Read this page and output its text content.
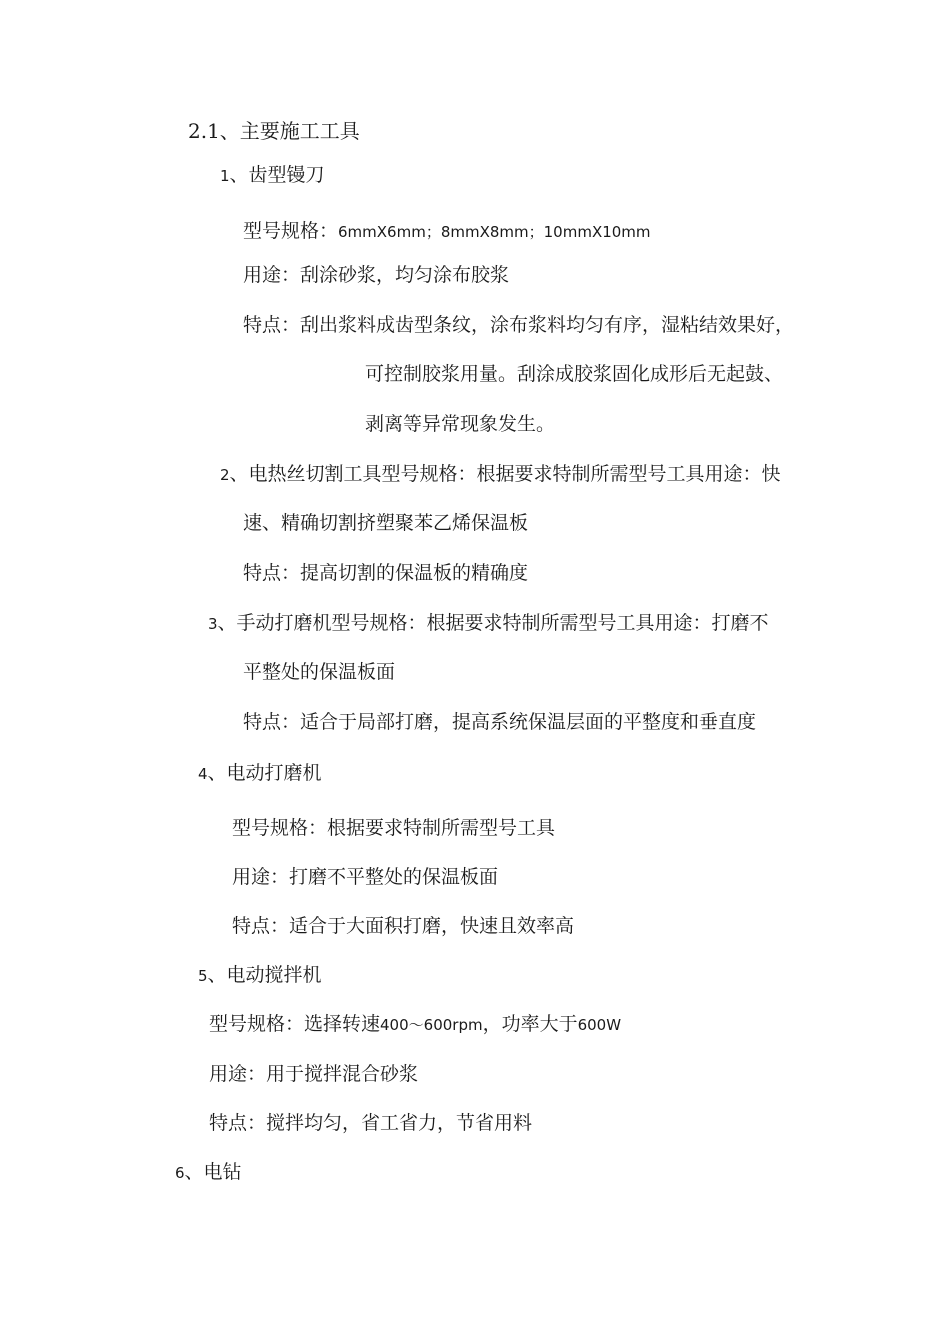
2.1、主要施工工具
1、齿型镘刀
型号规格：6mmX6mm；8mmX8mm；10mmX10mm
用途：刮涂砂浆，均匀涂布胶浆
特点：刮出浆料成齿型条纹，涂布浆料均匀有序，湿粘结效果好，
可控制胶浆用量。刮涂成胶浆固化成形后无起鼓、
剥离等异常现象发生。
2、电热丝切割工具型号规格：根据要求特制所需型号工具用途：快
速、精确切割挤塑聚苯乙烯保温板
特点：提高切割的保温板的精确度
3、手动打磨机型号规格：根据要求特制所需型号工具用途：打磨不
平整处的保温板面
特点：适合于局部打磨，提高系统保温层面的平整度和垂直度
4、电动打磨机
型号规格：根据要求特制所需型号工具
用途：打磨不平整处的保温板面
特点：适合于大面积打磨，快速且效率高
5、电动搅拌机
型号规格：选择转速400〜600rpm，功率大于600W
用途：用于搅拌混合砂浆
特点：搅拌均匀，省工省力，节省用料
6、电钻
